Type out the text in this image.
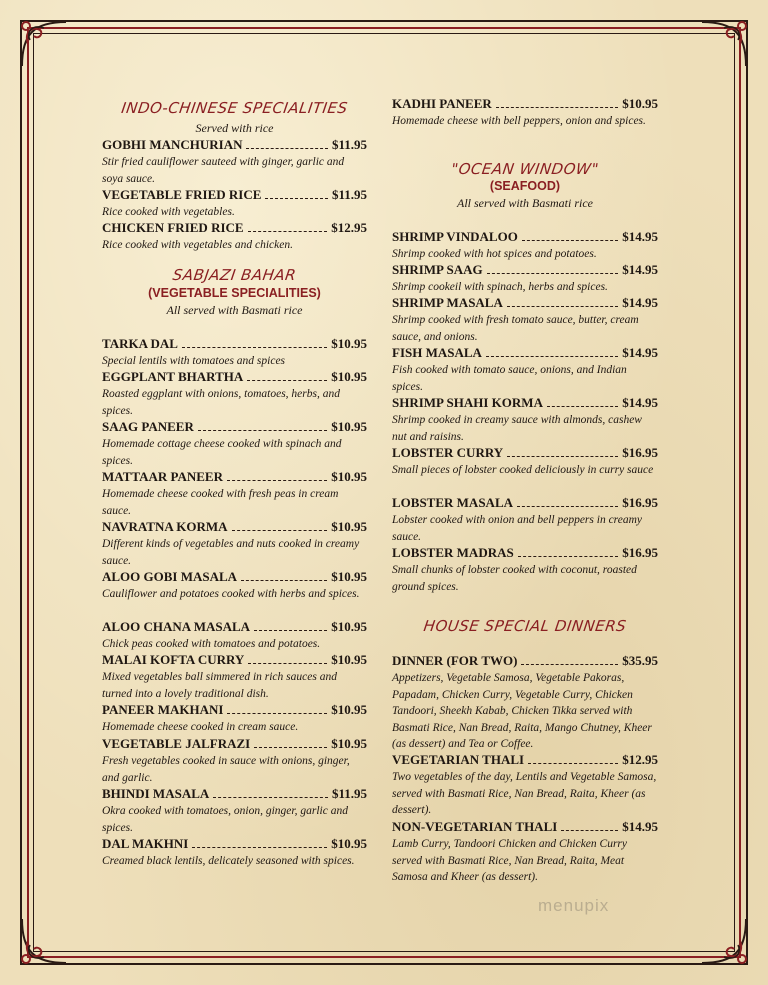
INDO-CHINESE SPECIALITIES
Served with rice
GOBHI MANCHURIAN	$11.95
Stir fried cauliflower sauteed with ginger, garlic and soya sauce.
VEGETABLE FRIED RICE	$11.95
Rice cooked with vegetables.
CHICKEN FRIED RICE	$12.95
Rice cooked with vegetables and chicken.
SABJAZI BAHAR
(VEGETABLE SPECIALITIES)
All served with Basmati rice
TARKA DAL	$10.95
Special lentils with tomatoes and spices
EGGPLANT BHARTHA	$10.95
Roasted eggplant with onions, tomatoes, herbs, and spices.
SAAG PANEER	$10.95
Homemade cottage cheese cooked with spinach and spices.
MATTAAR PANEER	$10.95
Homemade cheese cooked with fresh peas in cream sauce.
NAVRATNA KORMA	$10.95
Different kinds of vegetables and nuts cooked in creamy sauce.
ALOO GOBI MASALA	$10.95
Cauliflower and potatoes cooked with herbs and spices.
ALOO CHANA MASALA	$10.95
Chick peas cooked with tomatoes and potatoes.
MALAI KOFTA CURRY	$10.95
Mixed vegetables ball simmered in rich sauces and turned into a lovely traditional dish.
PANEER MAKHANI	$10.95
Homemade cheese cooked in cream sauce.
VEGETABLE JALFRAZI	$10.95
Fresh vegetables cooked in sauce with onions, ginger, and garlic.
BHINDI MASALA	$11.95
Okra cooked with tomatoes, onion, ginger, garlic and spices.
DAL MAKHNI	$10.95
Creamed black lentils, delicately seasoned with spices.
KADHI PANEER	$10.95
Homemade cheese with bell peppers, onion and spices.
"OCEAN WINDOW"
(SEAFOOD)
All served with Basmati rice
SHRIMP VINDALOO	$14.95
Shrimp cooked with hot spices and potatoes.
SHRIMP SAAG	$14.95
Shrimp cookeil with spinach, herbs and spices.
SHRIMP MASALA	$14.95
Shrimp cooked with fresh tomato sauce, butter, cream sauce, and onions.
FISH MASALA	$14.95
Fish cooked with tomato sauce, onions, and Indian spices.
SHRIMP SHAHI KORMA	$14.95
Shrimp cooked in creamy sauce with almonds, cashew nut and raisins.
LOBSTER CURRY	$16.95
Small pieces of lobster cooked deliciously in curry sauce
LOBSTER MASALA	$16.95
Lobster cooked with onion and bell peppers in creamy sauce.
LOBSTER MADRAS	$16.95
Small chunks of lobster cooked with coconut, roasted ground spices.
HOUSE SPECIAL DINNERS
DINNER (FOR TWO)	$35.95
Appetizers, Vegetable Samosa, Vegetable Pakoras, Papadam, Chicken Curry, Vegetable Curry, Chicken Tandoori, Sheekh Kabab, Chicken Tikka served with Basmati Rice, Nan Bread, Raita, Mango Chutney, Kheer (as dessert) and Tea or Coffee.
VEGETARIAN THALI	$12.95
Two vegetables of the day, Lentils and Vegetable Samosa, served with Basmati Rice, Nan Bread, Raita, Kheer (as dessert).
NON-VEGETARIAN THALI	$14.95
Lamb Curry, Tandoori Chicken and Chicken Curry served with Basmati Rice, Nan Bread, Raita, Meat Samosa and Kheer (as dessert).
menupix
